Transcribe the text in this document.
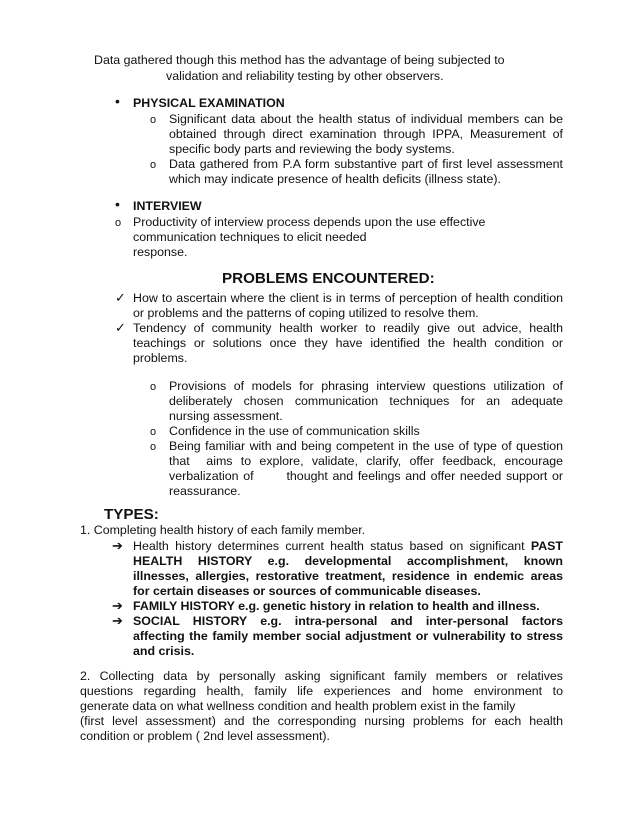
Data gathered though this method has the advantage of being subjected to
validation and reliability testing by other observers.
• PHYSICAL EXAMINATION
o Significant data about the health status of individual members can be
obtained through direct examination through IPPA, Measurement of
specific body parts and reviewing the body systems.
o Data gathered from P.A form substantive part of first level assessment
which may indicate presence of health deficits (illness state).
• INTERVIEW
o Productivity of interview process depends upon the use effective
communication techniques to elicit needed
response.
PROBLEMS ENCOUNTERED:
✓ How to ascertain where the client is in terms of perception of health condition
or problems and the patterns of coping utilized to resolve them.
✓ Tendency of community health worker to readily give out advice, health
teachings or solutions once they have identified the health condition or
problems.
o Provisions of models for phrasing interview questions utilization of
deliberately chosen communication techniques for an adequate
nursing assessment.
o Confidence in the use of communication skills
o Being familiar with and being competent in the use of type of question
that  aims to explore, validate, clarify, offer feedback, encourage
verbalization of       thought and feelings and offer needed support or
reassurance.
TYPES:
1. Completing health history of each family member.
➔ Health history determines current health status based on significant PAST
HEALTH HISTORY e.g. developmental accomplishment, known
illnesses, allergies, restorative treatment, residence in endemic areas
for certain diseases or sources of communicable diseases.
➔ FAMILY HISTORY e.g. genetic history in relation to health and illness.
➔ SOCIAL HISTORY e.g. intra-personal and inter-personal factors
affecting the family member social adjustment or vulnerability to stress
and crisis.
2. Collecting data by personally asking significant family members or relatives
questions regarding health, family life experiences and home environment to
generate data on what wellness condition and health problem exist in the family
(first level assessment) and the corresponding nursing problems for each health
condition or problem ( 2nd level assessment).
